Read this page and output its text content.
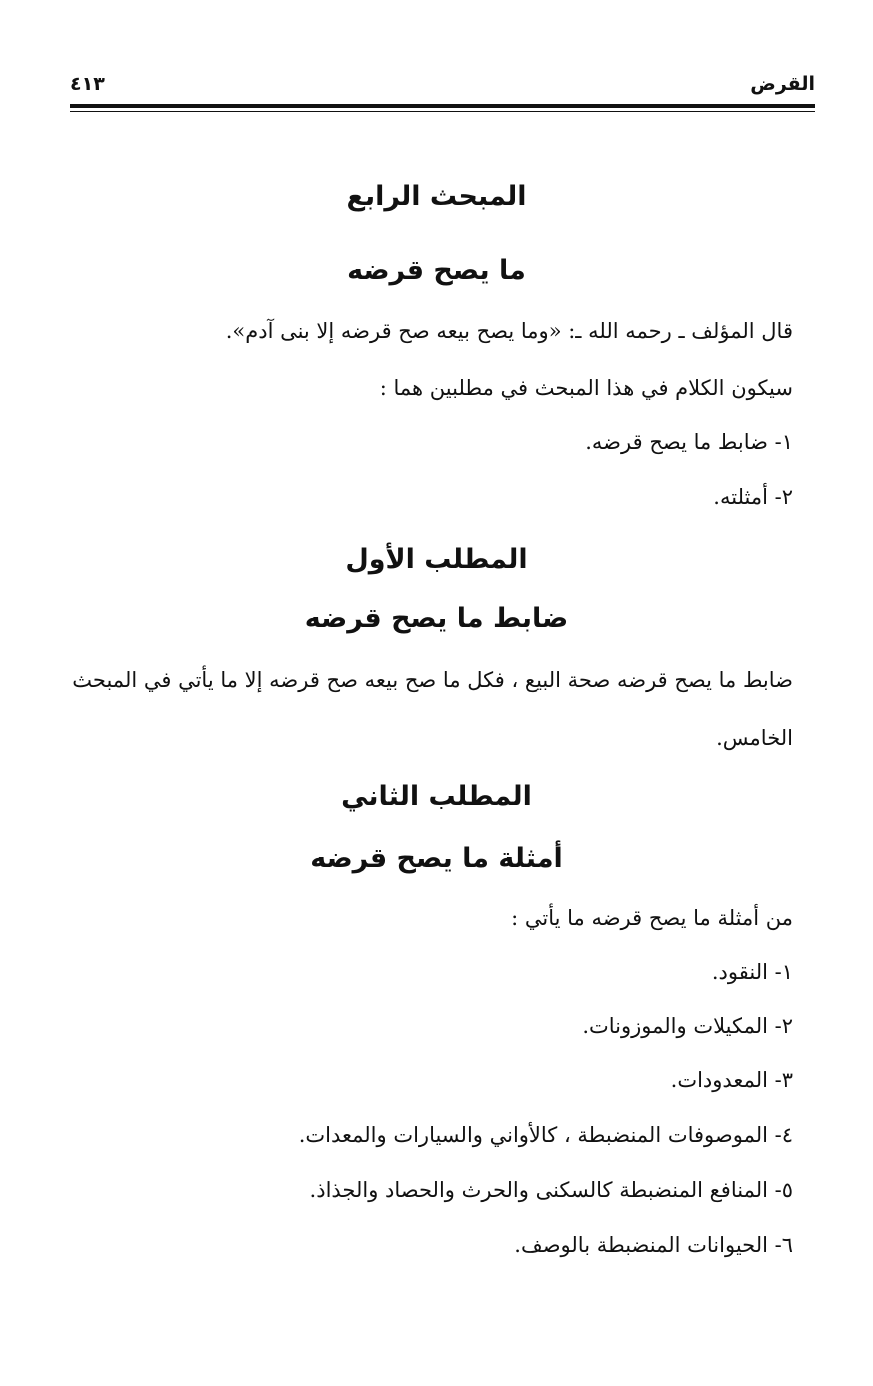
القرض
٤١٣
المبحث الرابع
ما يصح قرضه

قال المؤلف ـ رحمه الله ـ: «وما يصح بيعه صح قرضه إلا بنى آدم».

سيكون الكلام في هذا المبحث في مطلبين هما :

١- ضابط ما يصح قرضه.

٢- أمثلته.

المطلب الأول
ضابط ما يصح قرضه

ضابط ما يصح قرضه صحة البيع ، فكل ما صح بيعه صح قرضه إلا ما يأتي في المبحث الخامس.

المطلب الثاني
أمثلة ما يصح قرضه

من أمثلة ما يصح قرضه ما يأتي :

١- النقود.

٢- المكيلات والموزونات.

٣- المعدودات.

٤- الموصوفات المنضبطة ، كالأواني والسيارات والمعدات.

٥- المنافع المنضبطة كالسكنى والحرث والحصاد والجذاذ.

٦- الحيوانات المنضبطة بالوصف.
